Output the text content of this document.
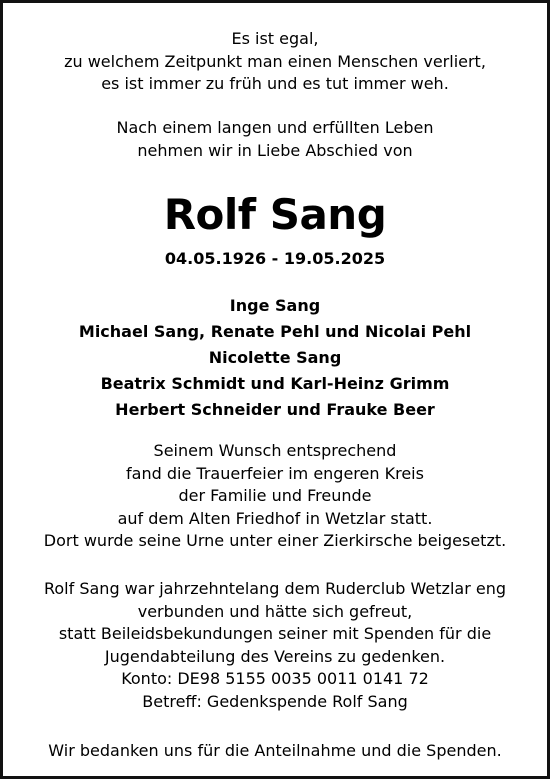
Es ist egal,
zu welchem Zeitpunkt man einen Menschen verliert,
es ist immer zu früh und es tut immer weh.
Nach einem langen und erfüllten Leben
nehmen wir in Liebe Abschied von
Rolf Sang
04.05.1926 - 19.05.2025
Inge Sang
Michael Sang, Renate Pehl und Nicolai Pehl
Nicolette Sang
Beatrix Schmidt und Karl-Heinz Grimm
Herbert Schneider und Frauke Beer
Seinem Wunsch entsprechend
fand die Trauerfeier im engeren Kreis
der Familie und Freunde
auf dem Alten Friedhof in Wetzlar statt.
Dort wurde seine Urne unter einer Zierkirsche beigesetzt.
Rolf Sang war jahrzehntelang dem Ruderclub Wetzlar eng
verbunden und hätte sich gefreut,
statt Beileidsbekundungen seiner mit Spenden für die
Jugendabteilung des Vereins zu gedenken.
Konto: DE98 5155 0035 0011 0141 72
Betreff: Gedenkspende Rolf Sang
Wir bedanken uns für die Anteilnahme und die Spenden.
